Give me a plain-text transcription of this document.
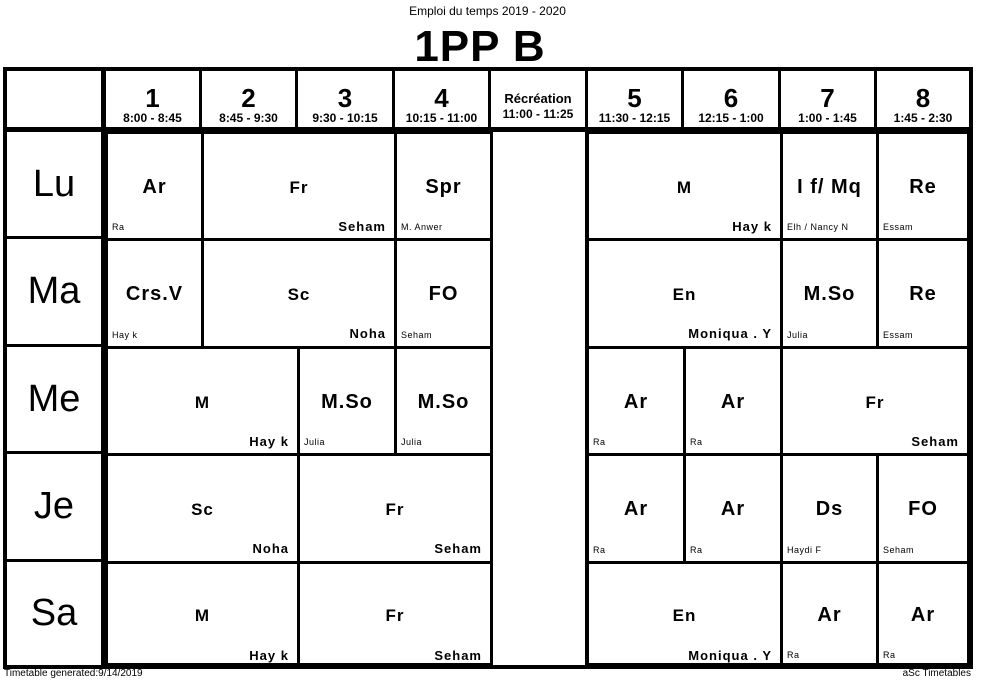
Emploi du temps 2019 - 2020
1PP B
1
8:00 - 8:45
2
8:45 - 9:30
3
9:30 - 10:15
4
10:15 - 11:00
Récréation
11:00 - 11:25
5
11:30 - 12:15
6
12:15 - 1:00
7
1:00 - 1:45
8
1:45 - 2:30
Lu
Ma
Me
Je
Sa
Ar
Ra
Fr
Seham
Spr
M. Anwer
M
Hay k
I f/ Mq
Elh / Nancy N
Re
Essam
Crs.V
Hay k
Sc
Noha
FO
Seham
En
Moniqua . Y
M.So
Julia
Re
Essam
M
Hay k
M.So
Julia
M.So
Julia
Ar
Ra
Ar
Ra
Fr
Seham
Sc
Noha
Fr
Seham
Ar
Ra
Ar
Ra
Ds
Haydi F
FO
Seham
M
Hay k
Fr
Seham
En
Moniqua . Y
Ar
Ra
Ar
Ra
Timetable generated:9/14/2019	aSc Timetables
